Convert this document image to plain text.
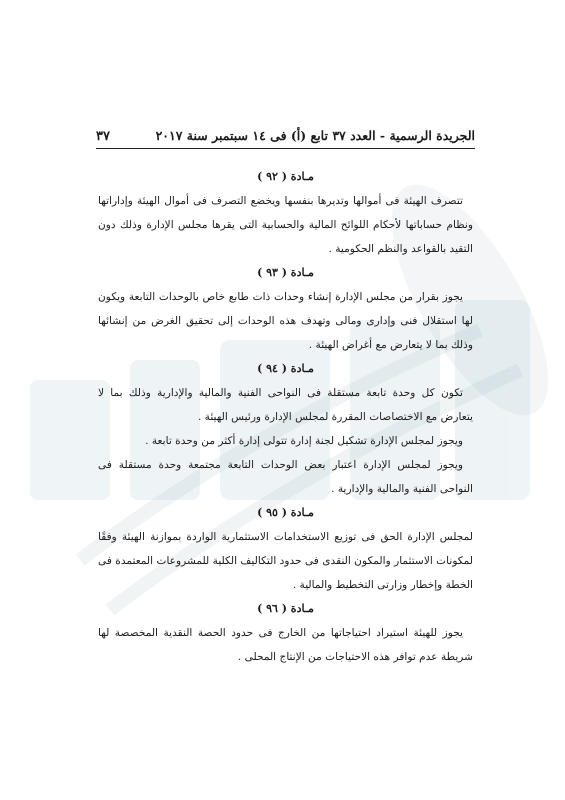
الجريدة الرسمية - العدد ٣٧ تابع (أ) فى ١٤ سبتمبر سنة ٢٠١٧
٣٧

مـادة ( ٩٢ )

تتصرف الهيئة فى أموالها وتديرها بنفسها ويخضع التصرف فى أموال الهيئة وإداراتها ونظام حساباتها لأحكام اللوائح المالية والحسابية التى يقرها مجلس الإدارة وذلك دون التقيد بالقواعد والنظم الحكومية .

مـادة ( ٩٣ )

يجوز بقرار من مجلس الإدارة إنشاء وحدات ذات طابع خاص بالوحدات التابعة ويكون لها استقلال فنى وإدارى ومالى وتهدف هذه الوحدات إلى تحقيق الغرض من إنشائها وذلك بما لا يتعارض مع أغراض الهيئة .

مـادة ( ٩٤ )

تكون كل وحدة تابعة مستقلة فى النواحى الفنية والمالية والإدارية وذلك بما لا يتعارض مع الاختصاصات المقررة لمجلس الإدارة ورئيس الهيئة .

ويجوز لمجلس الإدارة تشكيل لجنة إدارة تتولى إدارة أكثر من وحدة تابعة .

ويجوز لمجلس الإدارة اعتبار بعض الوحدات التابعة مجتمعة وحدة مستقلة فى النواحى الفنية والمالية والإدارية .

مـادة ( ٩٥ )

لمجلس الإدارة الحق فى توزيع الاستخدامات الاستثمارية الواردة بموازنة الهيئة وفقًا لمكونات الاستثمار والمكون النقدى فى حدود التكاليف الكلية للمشروعات المعتمدة فى الخطة وإخطار وزارتى التخطيط والمالية .

مـادة ( ٩٦ )

يجوز للهيئة استيراد احتياجاتها من الخارج فى حدود الحصة النقدية المخصصة لها شريطة عدم توافر هذه الاحتياجات من الإنتاج المحلى .
